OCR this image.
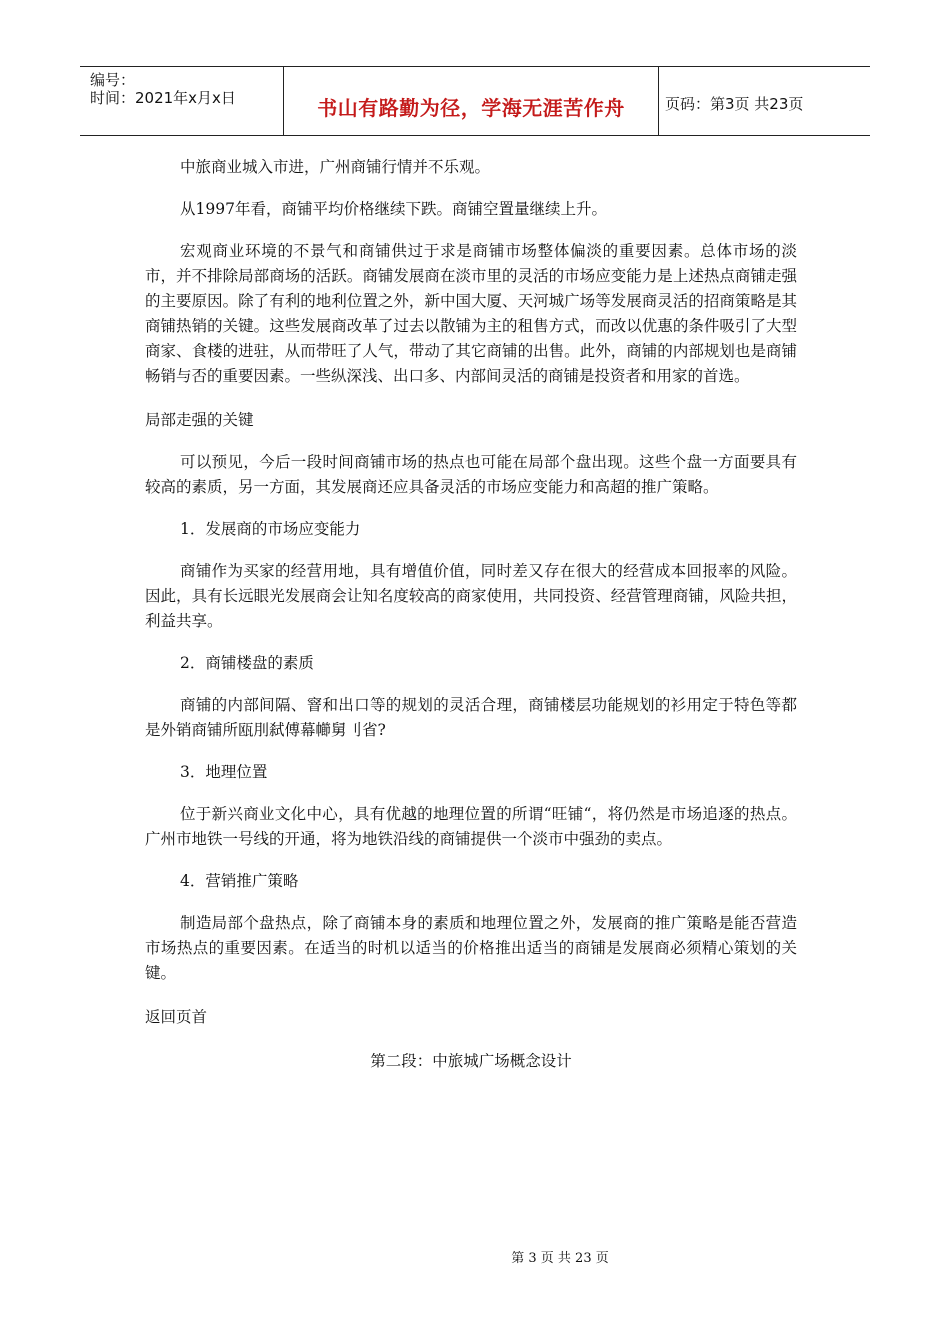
编号：
时间：2021年x月x日	书山有路勤为径，学海无涯苦作舟	页码：第3页 共23页

中旅商业城入市进，广州商铺行情并不乐观。

从1997年看，商铺平均价格继续下跌。商铺空置量继续上升。

宏观商业环境的不景气和商铺供过于求是商铺市场整体偏淡的重要因素。总体市场的淡市，并不排除局部商场的活跃。商铺发展商在淡市里的灵活的市场应变能力是上述热点商铺走强的主要原因。除了有利的地利位置之外，新中国大厦、天河城广场等发展商灵活的招商策略是其商铺热销的关键。这些发展商改革了过去以散铺为主的租售方式，而改以优惠的条件吸引了大型商家、食楼的进驻，从而带旺了人气，带动了其它商铺的出售。此外，商铺的内部规划也是商铺畅销与否的重要因素。一些纵深浅、出口多、内部间灵活的商铺是投资者和用家的首选。

局部走强的关键

可以预见，今后一段时间商铺市场的热点也可能在局部个盘出现。这些个盘一方面要具有较高的素质，另一方面，其发展商还应具备灵活的市场应变能力和高超的推广策略。

1．发展商的市场应变能力

商铺作为买家的经营用地，具有增值价值，同时差又存在很大的经营成本回报率的风险。因此，具有长远眼光发展商会让知名度较高的商家使用，共同投资、经营管理商铺，风险共担，利益共享。

2．商铺楼盘的素质

商铺的内部间隔、窨和出口等的规划的灵活合理，商铺楼层功能规划的衫用定于特色等都是外销商铺所瓯刖弑傅幕幯舅刂省?

3．地理位置

位于新兴商业文化中心，具有优越的地理位置的所谓“旺铺“，将仍然是市场追逐的热点。广州市地铁一号线的开通，将为地铁沿线的商铺提供一个淡市中强劲的卖点。

4．营销推广策略

制造局部个盘热点，除了商铺本身的素质和地理位置之外，发展商的推广策略是能否营造市场热点的重要因素。在适当的时机以适当的价格推出适当的商铺是发展商必须精心策划的关键。

返回页首

第二段：中旅城广场概念设计

第 3 页 共 23 页
